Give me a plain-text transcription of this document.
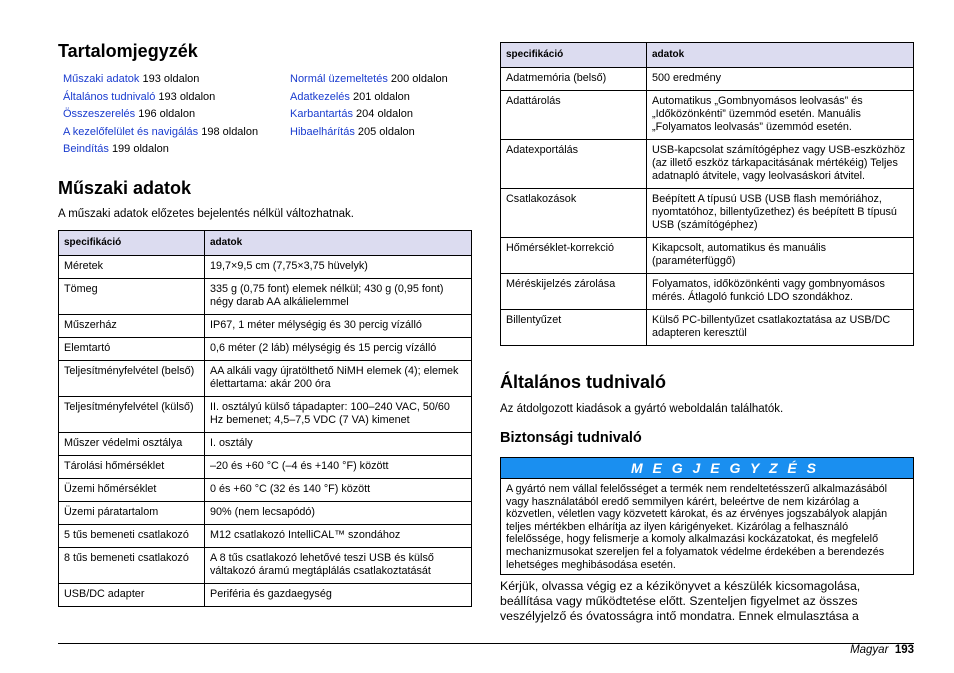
Tartalomjegyzék
Műszaki adatok 193 oldalon
Általános tudnivaló 193 oldalon
Összeszerelés 196 oldalon
A kezelőfelület és navigálás 198 oldalon
Beindítás 199 oldalon
Normál üzemeltetés 200 oldalon
Adatkezelés 201 oldalon
Karbantartás 204 oldalon
Hibaelhárítás 205 oldalon
Műszaki adatok

A műszaki adatok előzetes bejelentés nélkül változhatnak.

specifikáció	adatok
Méretek	19,7×9,5 cm (7,75×3,75 hüvelyk)
Tömeg	335 g (0,75 font) elemek nélkül; 430 g (0,95 font) négy darab AA alkálielemmel
Műszerház	IP67, 1 méter mélységig és 30 percig vízálló
Elemtartó	0,6 méter (2 láb) mélységig és 15 percig vízálló
Teljesítményfelvétel (belső)	AA alkáli vagy újratölthető NiMH elemek (4); elemek élettartama: akár 200 óra
Teljesítményfelvétel (külső)	II. osztályú külső tápadapter: 100–240 VAC, 50/60 Hz bemenet; 4,5–7,5 VDC (7 VA) kimenet
Műszer védelmi osztálya	I. osztály
Tárolási hőmérséklet	–20 és +60 °C (–4 és +140 °F) között
Üzemi hőmérséklet	0 és +60 °C (32 és 140 °F) között
Üzemi páratartalom	90% (nem lecsapódó)
5 tűs bemeneti csatlakozó	M12 csatlakozó IntelliCAL™ szondához
8 tűs bemeneti csatlakozó	A 8 tűs csatlakozó lehetővé teszi USB és külső váltakozó áramú megtáplálás csatlakoztatását
USB/DC adapter	Periféria és gazdaegység
specifikáció	adatok
Adatmemória (belső)	500 eredmény
Adattárolás	Automatikus „Gombnyomásos leolvasás” és „Időközönkénti” üzemmód esetén. Manuális „Folyamatos leolvasás” üzemmód esetén.
Adatexportálás	USB-kapcsolat számítógéphez vagy USB-eszközhöz (az illető eszköz tárkapacitásának mértékéig) Teljes adatnapló átvitele, vagy leolvasáskori átvitel.
Csatlakozások	Beépített A típusú USB (USB flash memóriához, nyomtatóhoz, billentyűzethez) és beépített B típusú USB (számítógéphez)
Hőmérséklet-korrekció	Kikapcsolt, automatikus és manuális (paraméterfüggő)
Méréskijelzés zárolása	Folyamatos, időközönkénti vagy gombnyomásos mérés. Átlagoló funkció LDO szondákhoz.
Billentyűzet	Külső PC-billentyűzet csatlakoztatása az USB/DC adapteren keresztül
Általános tudnivaló

Az átdolgozott kiadások a gyártó weboldalán találhatók.

Biztonsági tudnivaló
M E G J E G Y Z É S
A gyártó nem vállal felelősséget a termék nem rendeltetésszerű alkalmazásából vagy használatából eredő semmilyen kárért, beleértve de nem kizárólag a közvetlen, véletlen vagy közvetett károkat, és az érvényes jogszabályok alapján teljes mértékben elhárítja az ilyen kárigényeket. Kizárólag a felhasználó felelőssége, hogy felismerje a komoly alkalmazási kockázatokat, és megfelelő mechanizmusokat szereljen fel a folyamatok védelme érdekében a berendezés lehetséges meghibásodása esetén.

Kérjük, olvassa végig ez a kézikönyvet a készülék kicsomagolása, beállítása vagy működtetése előtt. Szenteljen figyelmet az összes veszélyjelző és óvatosságra intő mondatra. Ennek elmulasztása a

Magyar 193
